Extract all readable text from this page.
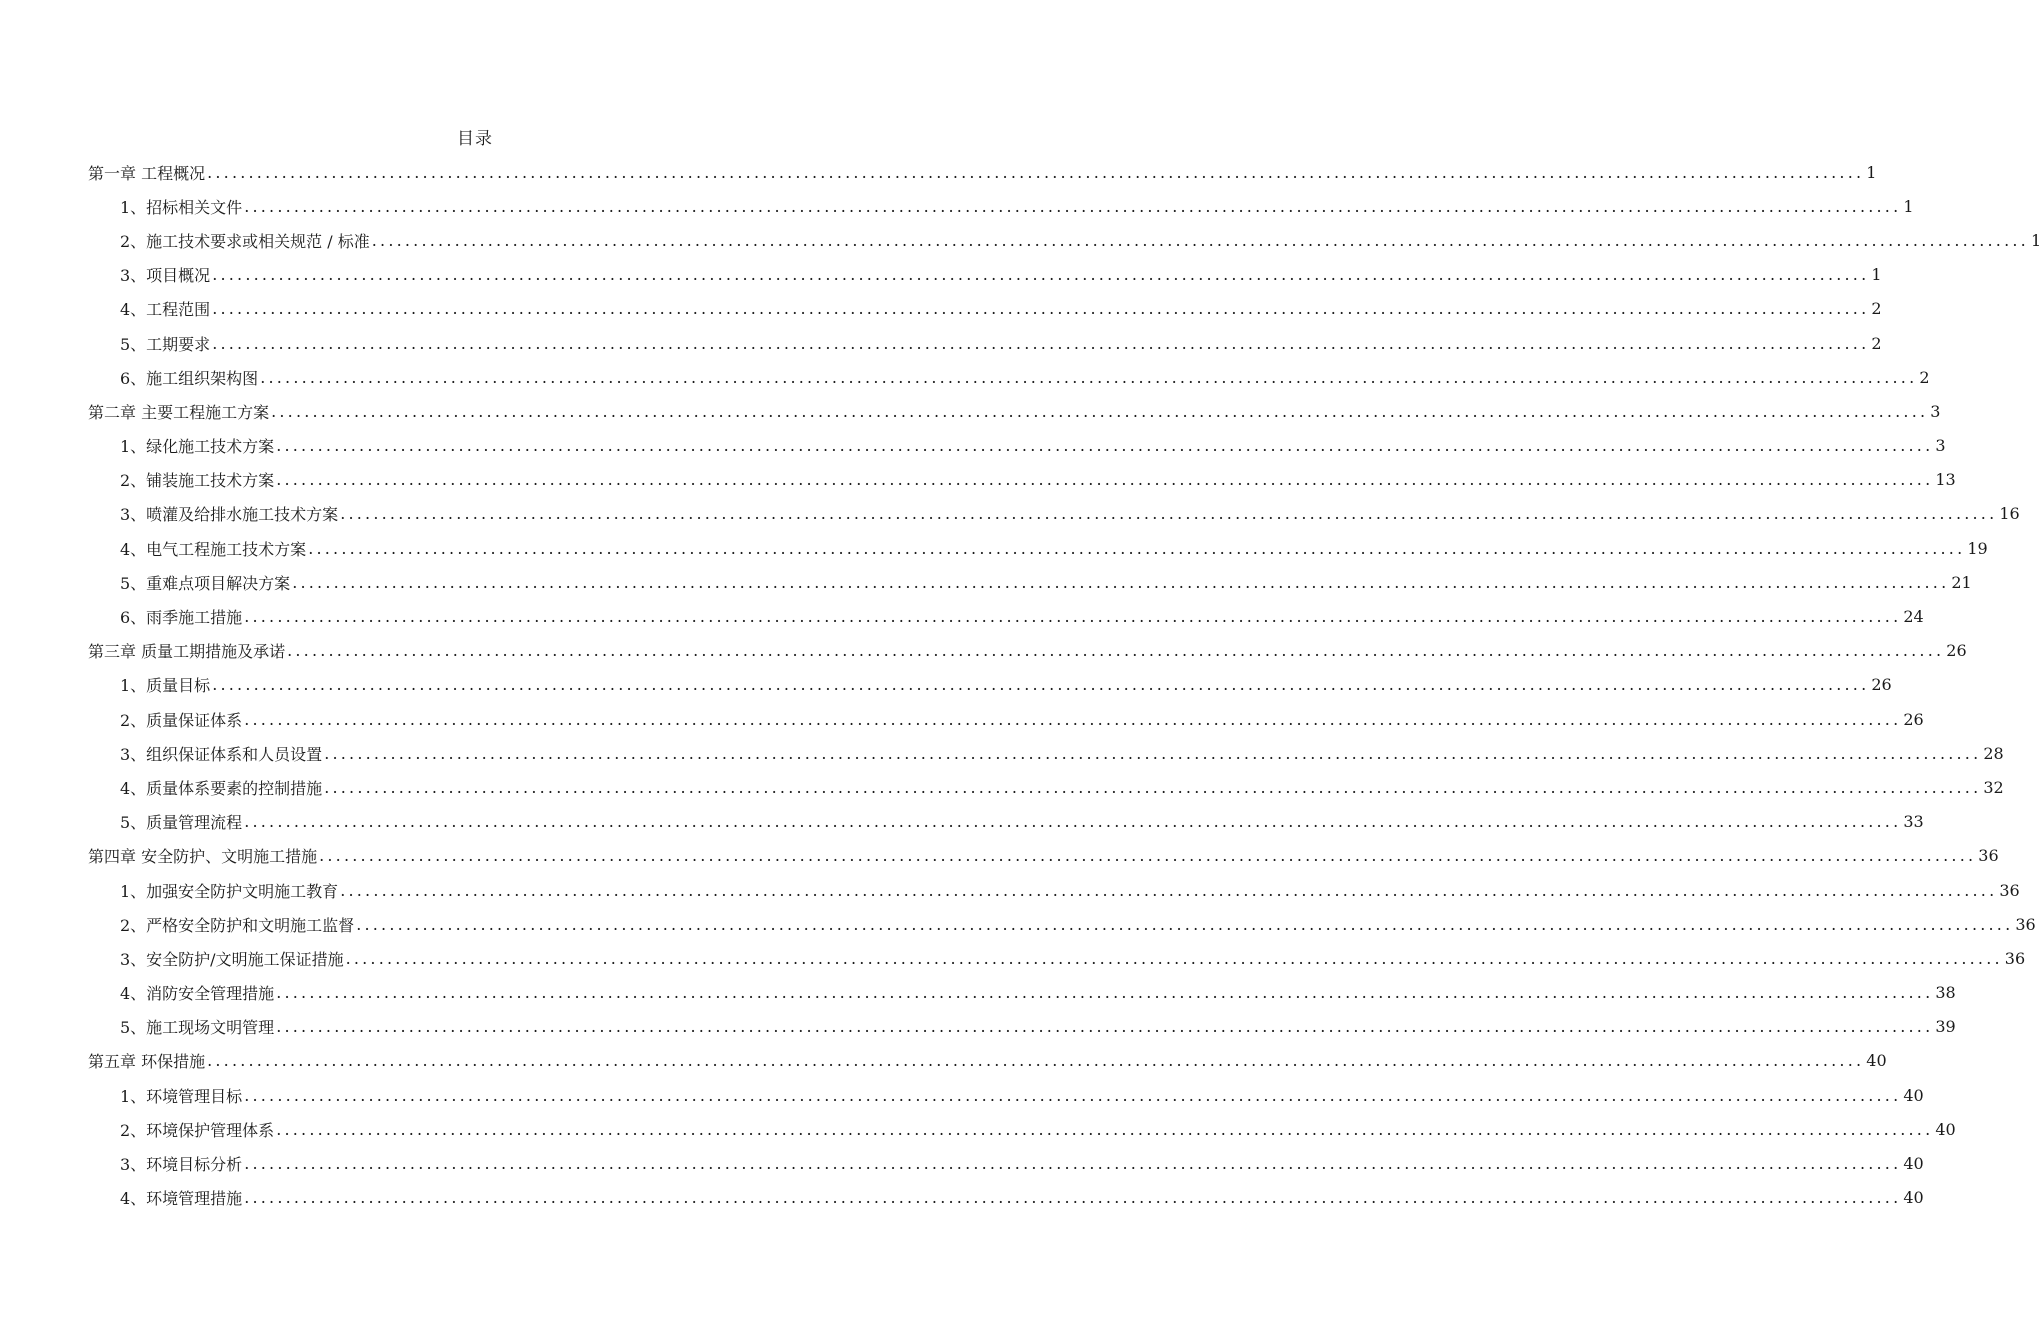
目录
第一章 工程概况 ........................................................................................................................................................................................................ 1
1、招标相关文件 ........................................................................................................................................................................................................ 1
2、施工技术要求或相关规范 / 标准 ........................................................................................................................................................................................................ 1
3、项目概况 ........................................................................................................................................................................................................ 1
4、工程范围 ........................................................................................................................................................................................................ 2
5、工期要求 ........................................................................................................................................................................................................ 2
6、施工组织架构图 ........................................................................................................................................................................................................ 2
第二章 主要工程施工方案 ........................................................................................................................................................................................................ 3
1、绿化施工技术方案 ........................................................................................................................................................................................................ 3
2、铺装施工技术方案 ........................................................................................................................................................................................................ 13
3、喷灌及给排水施工技术方案 ........................................................................................................................................................................................................ 16
4、电气工程施工技术方案 ........................................................................................................................................................................................................ 19
5、重难点项目解决方案 ........................................................................................................................................................................................................ 21
6、雨季施工措施 ........................................................................................................................................................................................................ 24
第三章 质量工期措施及承诺 ........................................................................................................................................................................................................ 26
1、质量目标 ........................................................................................................................................................................................................ 26
2、质量保证体系 ........................................................................................................................................................................................................ 26
3、组织保证体系和人员设置 ........................................................................................................................................................................................................ 28
4、质量体系要素的控制措施 ........................................................................................................................................................................................................ 32
5、质量管理流程 ........................................................................................................................................................................................................ 33
第四章 安全防护、文明施工措施 ........................................................................................................................................................................................................ 36
1、加强安全防护文明施工教育 ........................................................................................................................................................................................................ 36
2、严格安全防护和文明施工监督 ........................................................................................................................................................................................................ 36
3、安全防护/文明施工保证措施 ........................................................................................................................................................................................................ 36
4、消防安全管理措施 ........................................................................................................................................................................................................ 38
5、施工现场文明管理 ........................................................................................................................................................................................................ 39
第五章 环保措施 ........................................................................................................................................................................................................ 40
1、环境管理目标 ........................................................................................................................................................................................................ 40
2、环境保护管理体系 ........................................................................................................................................................................................................ 40
3、环境目标分析 ........................................................................................................................................................................................................ 40
4、环境管理措施 ........................................................................................................................................................................................................ 40
